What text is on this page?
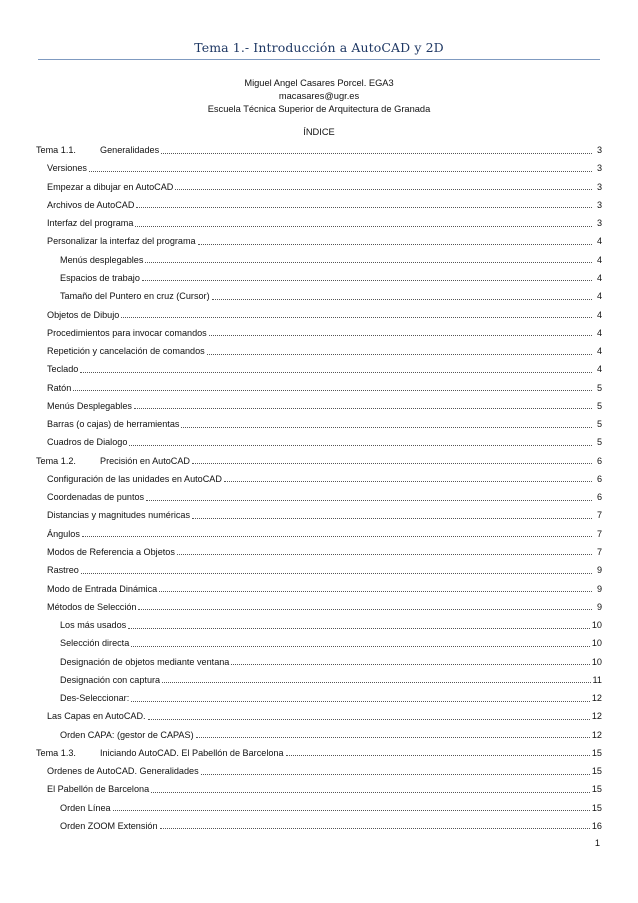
Tema 1.- Introducción a AutoCAD y 2D
Miguel Angel Casares Porcel. EGA3
macasares@ugr.es
Escuela Técnica Superior de Arquitectura de Granada
ÍNDICE
Tema 1.1.	Generalidades	3
Versiones	3
Empezar a dibujar en AutoCAD	3
Archivos de AutoCAD	3
Interfaz del programa	3
Personalizar la interfaz del programa	4
Menús desplegables	4
Espacios de trabajo	4
Tamaño del Puntero en cruz (Cursor)	4
Objetos de Dibujo	4
Procedimientos para invocar comandos	4
Repetición y cancelación de comandos	4
Teclado	4
Ratón	5
Menús Desplegables	5
Barras (o cajas) de herramientas	5
Cuadros de Dialogo	5
Tema 1.2.	Precisión en AutoCAD	6
Configuración de las unidades en AutoCAD	6
Coordenadas de puntos	6
Distancias y magnitudes numéricas	7
Ángulos	7
Modos de Referencia a Objetos	7
Rastreo	9
Modo de Entrada Dinámica	9
Métodos de Selección	9
Los más usados	10
Selección directa	10
Designación de objetos mediante ventana	10
Designación con captura	11
Des-Seleccionar:	12
Las Capas en AutoCAD.	12
Orden CAPA: (gestor de CAPAS)	12
Tema 1.3.	Iniciando AutoCAD. El Pabellón de Barcelona	15
Ordenes de AutoCAD. Generalidades	15
El Pabellón de Barcelona	15
Orden Línea	15
Orden ZOOM Extensión	16
1
